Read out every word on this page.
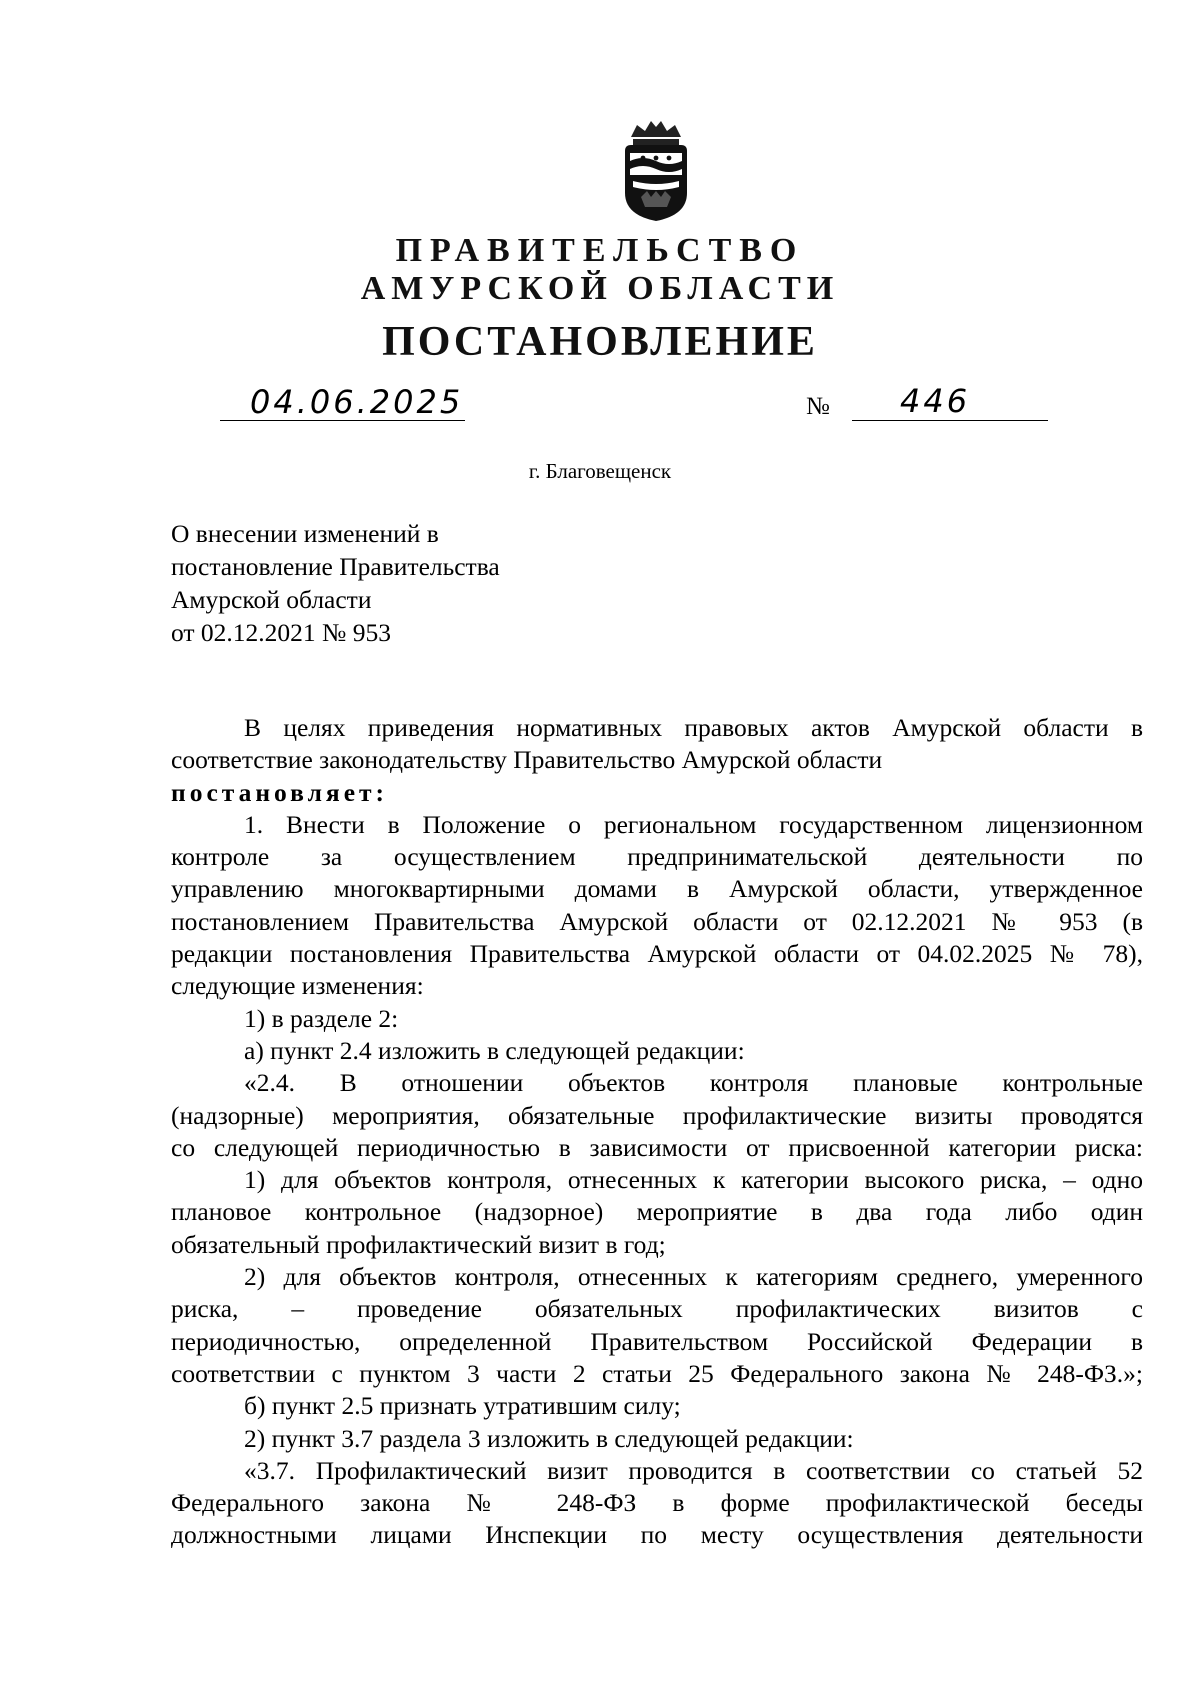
ПРАВИТЕЛЬСТВО
АМУРСКОЙ ОБЛАСТИ
ПОСТАНОВЛЕНИЕ
04.06.2025	№ 446
г. Благовещенск
О внесении изменений в
постановление Правительства
Амурской области
от 02.12.2021 № 953
В целях приведения нормативных правовых актов Амурской области в
соответствие законодательству Правительство Амурской области
постановляет:
1. Внести в Положение о региональном государственном лицензионном
контроле за осуществлением предпринимательской деятельности по
управлению многоквартирными домами в Амурской области, утвержденное
постановлением Правительства Амурской области от 02.12.2021 № 953 (в
редакции постановления Правительства Амурской области от 04.02.2025 № 78),
следующие изменения:
1) в разделе 2:
а) пункт 2.4 изложить в следующей редакции:
«2.4. В отношении объектов контроля плановые контрольные
(надзорные) мероприятия, обязательные профилактические визиты проводятся
со следующей периодичностью в зависимости от присвоенной категории риска:
1) для объектов контроля, отнесенных к категории высокого риска, – одно
плановое контрольное (надзорное) мероприятие в два года либо один
обязательный профилактический визит в год;
2) для объектов контроля, отнесенных к категориям среднего, умеренного
риска, – проведение обязательных профилактических визитов с
периодичностью, определенной Правительством Российской Федерации в
соответствии с пунктом 3 части 2 статьи 25 Федерального закона № 248-ФЗ.»;
б) пункт 2.5 признать утратившим силу;
2) пункт 3.7 раздела 3 изложить в следующей редакции:
«3.7. Профилактический визит проводится в соответствии со статьей 52
Федерального закона № 248-ФЗ в форме профилактической беседы
должностными лицами Инспекции по месту осуществления деятельности
